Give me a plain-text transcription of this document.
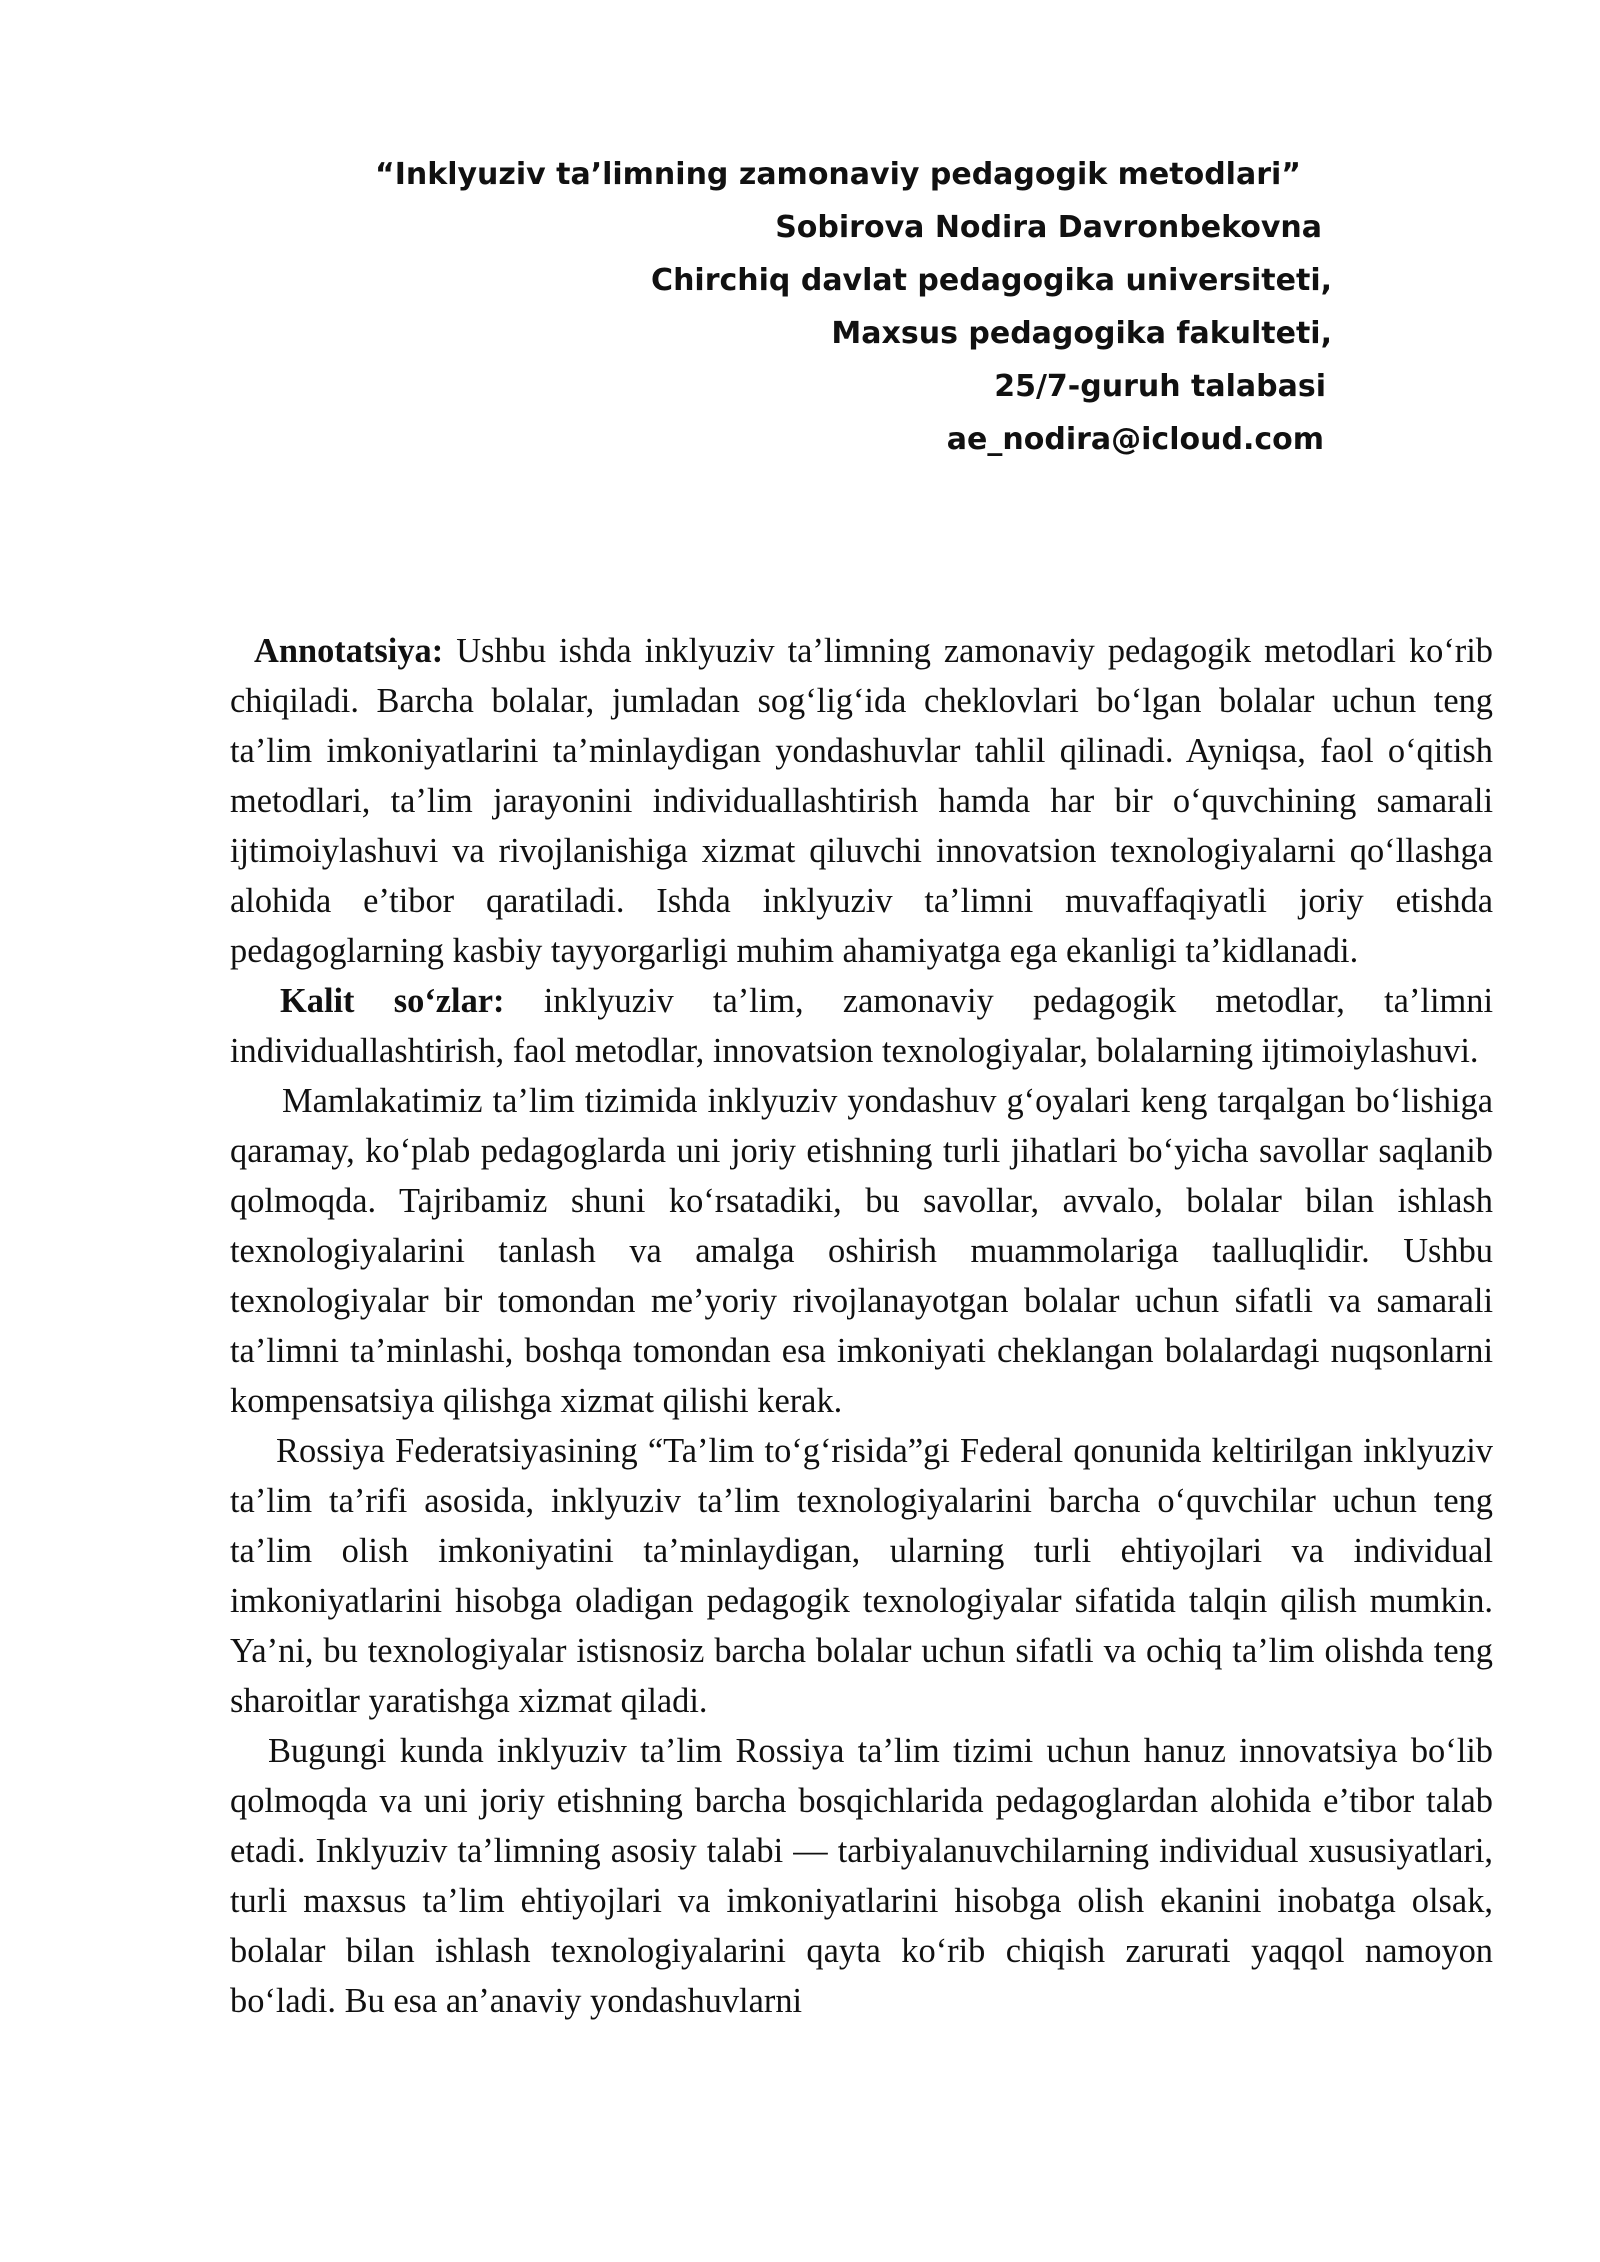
“Inklyuziv ta’limning zamonaviy pedagogik metodlari”
Sobirova Nodira Davronbekovna
Chirchiq davlat pedagogika universiteti,
Maxsus pedagogika fakulteti,
25/7-guruh talabasi
ae_nodira@icloud.com

Annotatsiya: Ushbu ishda inklyuziv ta’limning zamonaviy pedagogik metodlari ko‘rib chiqiladi. Barcha bolalar, jumladan sog‘lig‘ida cheklovlari bo‘lgan bolalar uchun teng ta’lim imkoniyatlarini ta’minlaydigan yondashuvlar tahlil qilinadi. Ayniqsa, faol o‘qitish metodlari, ta’lim jarayonini individuallashtirish hamda har bir o‘quvchining samarali ijtimoiylashuvi va rivojlanishiga xizmat qiluvchi innovatsion texnologiyalarni qo‘llashga alohida e’tibor qaratiladi. Ishda inklyuziv ta’limni muvaffaqiyatli joriy etishda pedagoglarning kasbiy tayyorgarligi muhim ahamiyatga ega ekanligi ta’kidlanadi.

Kalit so‘zlar: inklyuziv ta’lim, zamonaviy pedagogik metodlar, ta’limni individuallashtirish, faol metodlar, innovatsion texnologiyalar, bolalarning ijtimoiylashuvi.

Mamlakatimiz ta’lim tizimida inklyuziv yondashuv g‘oyalari keng tarqalgan bo‘lishiga qaramay, ko‘plab pedagoglarda uni joriy etishning turli jihatlari bo‘yicha savollar saqlanib qolmoqda. Tajribamiz shuni ko‘rsatadiki, bu savollar, avvalo, bolalar bilan ishlash texnologiyalarini tanlash va amalga oshirish muammolariga taalluqlidir. Ushbu texnologiyalar bir tomondan me’yoriy rivojlanayotgan bolalar uchun sifatli va samarali ta’limni ta’minlashi, boshqa tomondan esa imkoniyati cheklangan bolalardagi nuqsonlarni kompensatsiya qilishga xizmat qilishi kerak.

Rossiya Federatsiyasining “Ta’lim to‘g‘risida”gi Federal qonunida keltirilgan inklyuziv ta’lim ta’rifi asosida, inklyuziv ta’lim texnologiyalarini barcha o‘quvchilar uchun teng ta’lim olish imkoniyatini ta’minlaydigan, ularning turli ehtiyojlari va individual imkoniyatlarini hisobga oladigan pedagogik texnologiyalar sifatida talqin qilish mumkin. Ya’ni, bu texnologiyalar istisnosiz barcha bolalar uchun sifatli va ochiq ta’lim olishda teng sharoitlar yaratishga xizmat qiladi.

Bugungi kunda inklyuziv ta’lim Rossiya ta’lim tizimi uchun hanuz innovatsiya bo‘lib qolmoqda va uni joriy etishning barcha bosqichlarida pedagoglardan alohida e’tibor talab etadi. Inklyuziv ta’limning asosiy talabi — tarbiyalanuvchilarning individual xususiyatlari, turli maxsus ta’lim ehtiyojlari va imkoniyatlarini hisobga olish ekanini inobatga olsak, bolalar bilan ishlash texnologiyalarini qayta ko‘rib chiqish zarurati yaqqol namoyon bo‘ladi. Bu esa an’anaviy yondashuvlarni
